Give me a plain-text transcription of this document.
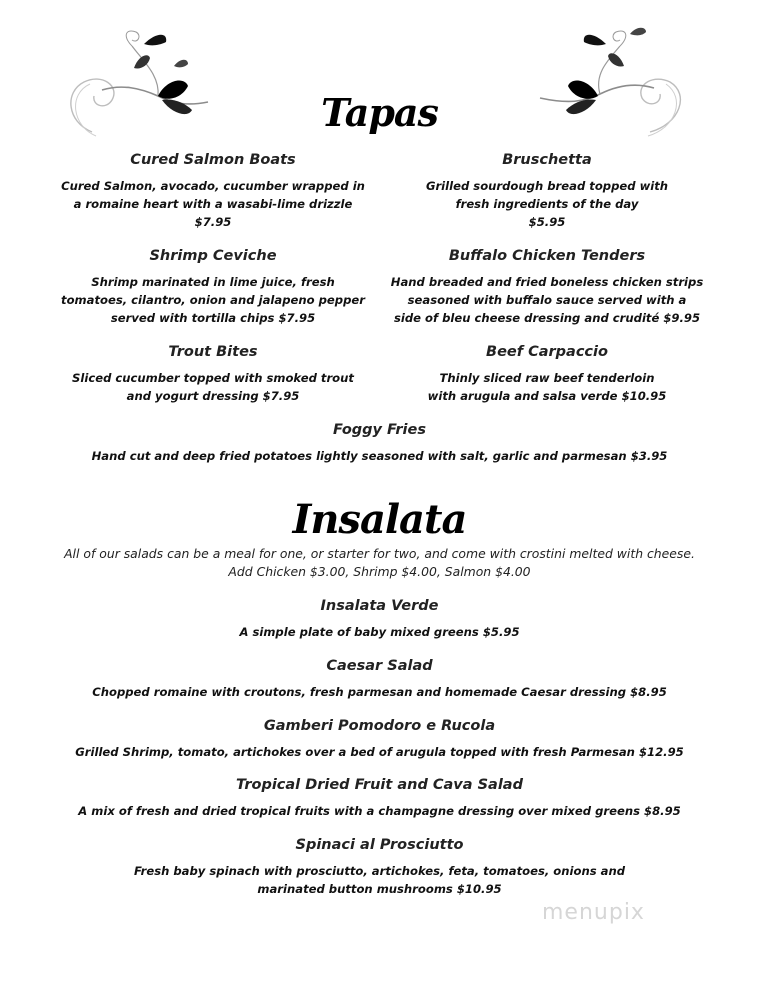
Tapas

Cured Salmon Boats

Cured Salmon, avocado, cucumber wrapped in
a romaine heart with a wasabi-lime drizzle
$7.95

Bruschetta

Grilled sourdough bread topped with
fresh ingredients of the day
$5.95

Shrimp Ceviche

Shrimp marinated in lime juice, fresh
tomatoes, cilantro, onion and jalapeno pepper
served with tortilla chips $7.95

Buffalo Chicken Tenders

Hand breaded and fried boneless chicken strips
seasoned with buffalo sauce served with a
side of bleu cheese dressing and crudité $9.95

Trout Bites

Sliced cucumber topped with smoked trout
and yogurt dressing $7.95

Beef Carpaccio

Thinly sliced raw beef tenderloin
with arugula and salsa verde $10.95

Foggy Fries

Hand cut and deep fried potatoes lightly seasoned with salt, garlic and parmesan $3.95

Insalata
All of our salads can be a meal for one, or starter for two, and come with crostini melted with cheese.
Add Chicken $3.00, Shrimp $4.00, Salmon $4.00

Insalata Verde

A simple plate of baby mixed greens $5.95

Caesar Salad

Chopped romaine with croutons, fresh parmesan and homemade Caesar dressing $8.95

Gamberi Pomodoro e Rucola

Grilled Shrimp, tomato, artichokes over a bed of arugula topped with fresh Parmesan $12.95

Tropical Dried Fruit and Cava Salad

A mix of fresh and dried tropical fruits with a champagne dressing over mixed greens $8.95

Spinaci al Prosciutto

Fresh baby spinach with prosciutto, artichokes, feta, tomatoes, onions and
marinated button mushrooms $10.95

menupix
